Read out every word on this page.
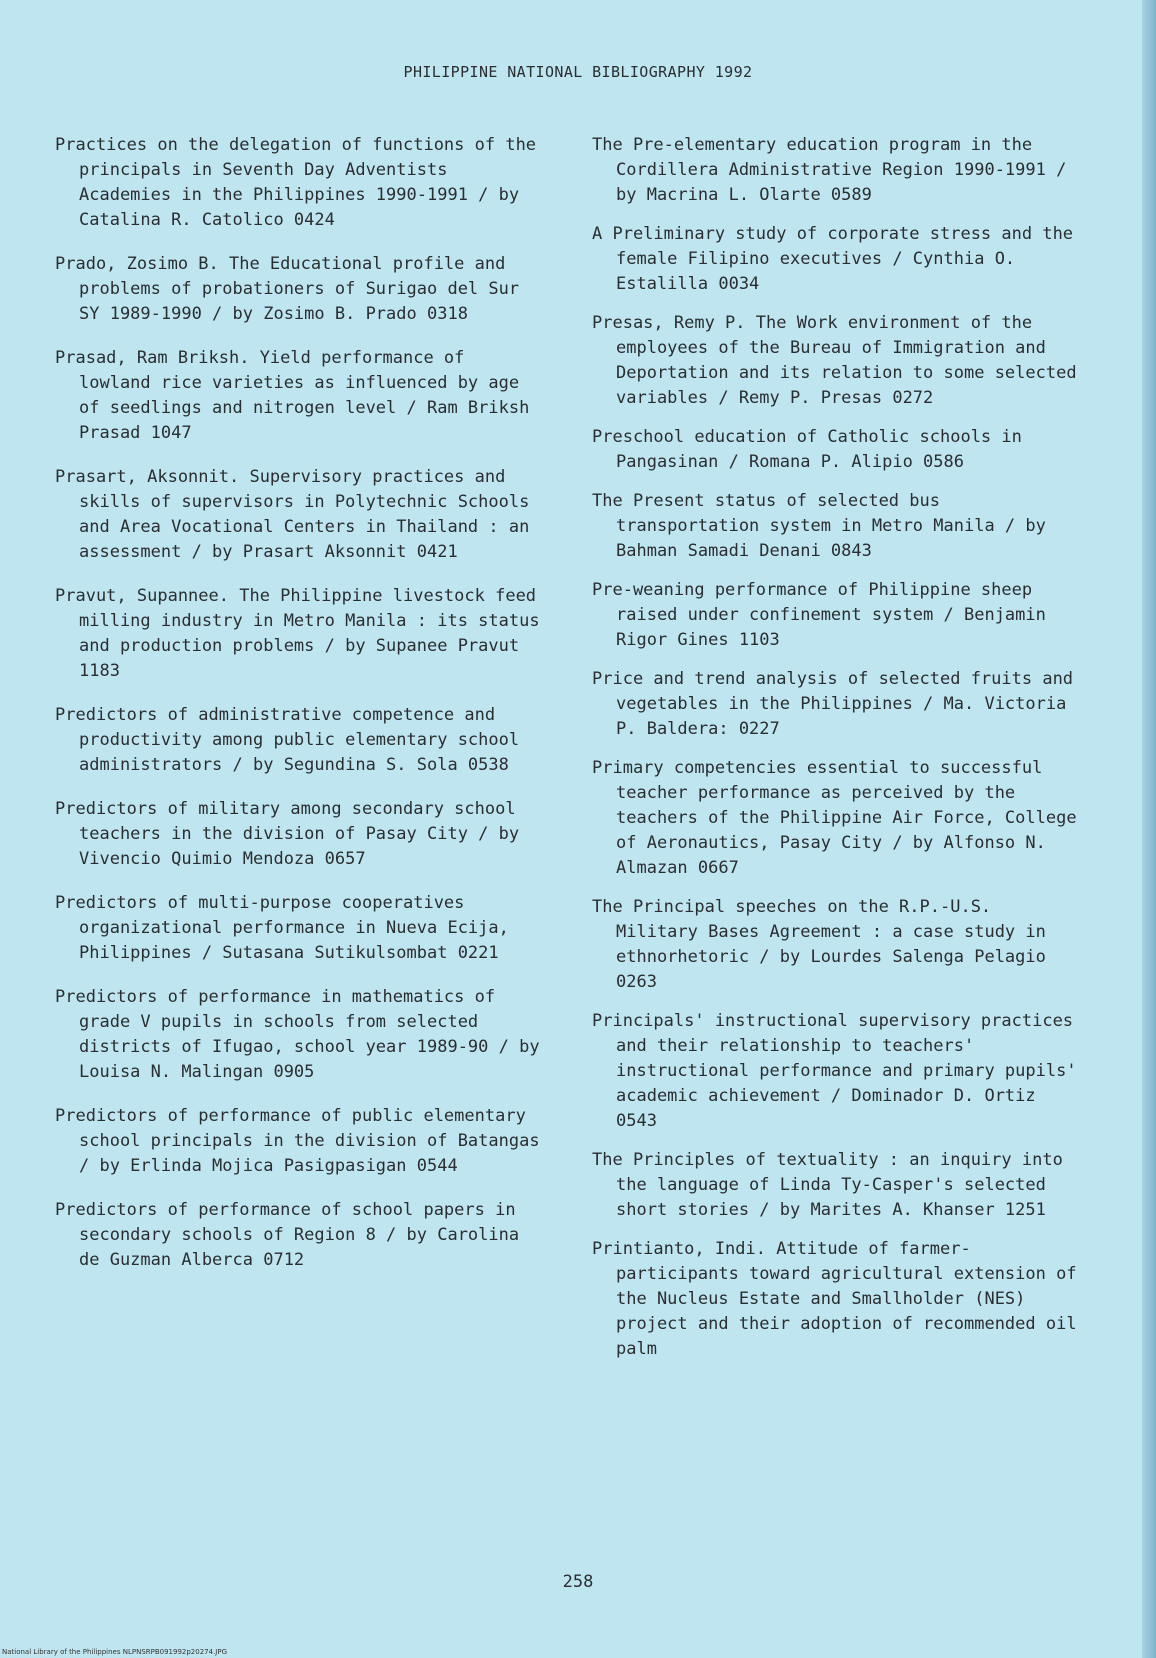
PHILIPPINE NATIONAL BIBLIOGRAPHY 1992

Practices on the delegation of functions of the principals in Seventh Day Adventists Academies in the Philippines 1990-1991 / by Catalina R. Catolico 0424

Prado, Zosimo B. The Educational profile and problems of probationers of Surigao del Sur SY 1989-1990 / by Zosimo B. Prado 0318

Prasad, Ram Briksh. Yield performance of lowland rice varieties as influenced by age of seedlings and nitrogen level / Ram Briksh Prasad 1047

Prasart, Aksonnit. Supervisory practices and skills of supervisors in Polytechnic Schools and Area Vocational Centers in Thailand : an assessment / by Prasart Aksonnit 0421

Pravut, Supannee. The Philippine livestock feed milling industry in Metro Manila : its status and production problems / by Supanee Pravut 1183

Predictors of administrative competence and productivity among public elementary school administrators / by Segundina S. Sola 0538

Predictors of military among secondary school teachers in the division of Pasay City / by Vivencio Quimio Mendoza 0657

Predictors of multi-purpose cooperatives organizational performance in Nueva Ecija, Philippines / Sutasana Sutikulsombat 0221

Predictors of performance in mathematics of grade V pupils in schools from selected districts of Ifugao, school year 1989-90 / by Louisa N. Malingan 0905

Predictors of performance of public elementary school principals in the division of Batangas / by Erlinda Mojica Pasigpasigan 0544

Predictors of performance of school papers in secondary schools of Region 8 / by Carolina de Guzman Alberca 0712

The Pre-elementary education program in the Cordillera Administrative Region 1990-1991 / by Macrina L. Olarte 0589

A Preliminary study of corporate stress and the female Filipino executives / Cynthia O. Estalilla 0034

Presas, Remy P. The Work environment of the employees of the Bureau of Immigration and Deportation and its relation to some selected variables / Remy P. Presas 0272

Preschool education of Catholic schools in Pangasinan / Romana P. Alipio 0586

The Present status of selected bus transportation system in Metro Manila / by Bahman Samadi Denani 0843

Pre-weaning performance of Philippine sheep raised under confinement system / Benjamin Rigor Gines 1103

Price and trend analysis of selected fruits and vegetables in the Philippines / Ma. Victoria P. Baldera: 0227

Primary competencies essential to successful teacher performance as perceived by the teachers of the Philippine Air Force, College of Aeronautics, Pasay City / by Alfonso N. Almazan 0667

The Principal speeches on the R.P.-U.S. Military Bases Agreement : a case study in ethnorhetoric / by Lourdes Salenga Pelagio 0263

Principals' instructional supervisory practices and their relationship to teachers' instructional performance and primary pupils' academic achievement / Dominador D. Ortiz 0543

The Principles of textuality : an inquiry into the language of Linda Ty-Casper's selected short stories / by Marites A. Khanser 1251

Printianto, Indi. Attitude of farmer-participants toward agricultural extension of the Nucleus Estate and Smallholder (NES) project and their adoption of recommended oil palm

258
National Library of the Philippines NLPNSRPB091992p20274.JPG
